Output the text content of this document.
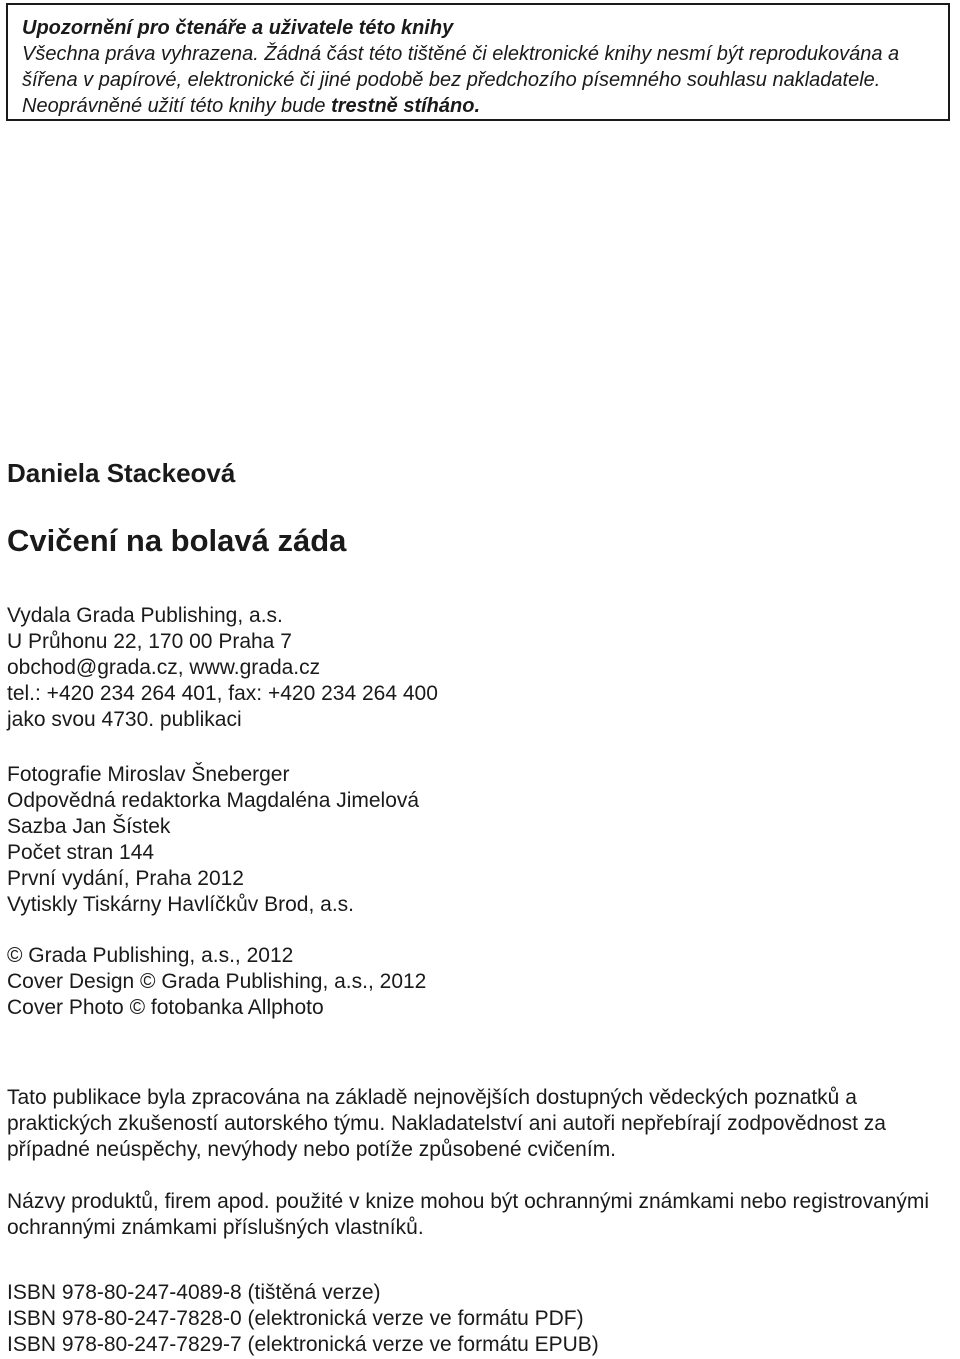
Upozornění pro čtenáře a uživatele této knihy
Všechna práva vyhrazena. Žádná část této tištěné či elektronické knihy nesmí být reprodukována a šířena v papírové, elektronické či jiné podobě bez předchozího písemného souhlasu nakladatele. Neoprávněné užití této knihy bude trestně stíháno.
Daniela Stackeová
Cvičení na bolavá záda
Vydala Grada Publishing, a.s.
U Průhonu 22, 170 00 Praha 7
obchod@grada.cz, www.grada.cz
tel.: +420 234 264 401, fax: +420 234 264 400
jako svou 4730. publikaci
Fotografie Miroslav Šneberger
Odpovědná redaktorka Magdaléna Jimelová
Sazba Jan Šístek
Počet stran 144
První vydání, Praha 2012
Vytiskly Tiskárny Havlíčkův Brod, a.s.
© Grada Publishing, a.s., 2012
Cover Design © Grada Publishing, a.s., 2012
Cover Photo © fotobanka Allphoto
Tato publikace byla zpracována na základě nejnovějších dostupných vědeckých poznatků a praktických zkušeností autorského týmu. Nakladatelství ani autoři nepřebírají zodpovědnost za případné neúspěchy, nevýhody nebo potíže způsobené cvičením.
Názvy produktů, firem apod. použité v knize mohou být ochrannými známkami nebo registrovanými ochrannými známkami příslušných vlastníků.
ISBN 978-80-247-4089-8 (tištěná verze)
ISBN 978-80-247-7828-0 (elektronická verze ve formátu PDF)
ISBN 978-80-247-7829-7 (elektronická verze ve formátu EPUB)
